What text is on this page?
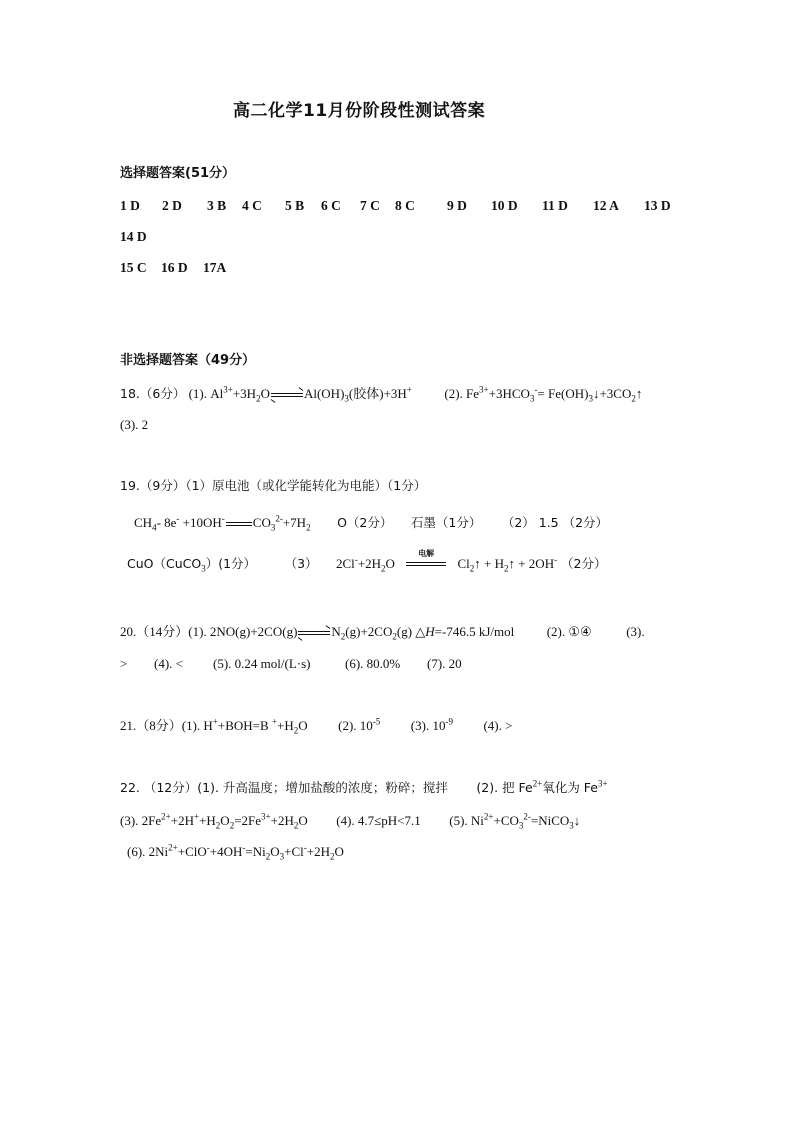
高二化学11月份阶段性测试答案
选择题答案(51分）
1 D 2 D 3 B 4 C 5 B 6 C 7 C 8 C 9 D 10 D 11 D 12 A 13 D
14 D
15 C 16 D 17A
非选择题答案（49分）
18.（6分） (1). $Al^{3+}+3H_2O\rightleftharpoons Al(OH)_3$(胶体)+3H+	(2). $Fe^{3+}+3HCO_3^-=$ $Fe(OH)_3↓+3CO_2↑$
(3). 2
19.（9分）（1）原电池（或化学能转化为电能）（1分）
$CH_4-$ 8e- +10OH- $CO_3^{2-}+7H_2$ O（2分） 石墨（1分） （2） 1.5 （2分）
CuO（CuCO$_3$）(1分） （3） $2Cl^-+2H_2O$
电解
$Cl_2↑$ + $H_2↑ + 2OH^-$ （2分）
20.（14分）(1). $2NO(g)+2CO(g)\rightleftharpoons N_2(g)+2CO_2(g)$ △H=-746.5 kJ/mol	(2). ①④	(3).
> (4). < (5). 0.24 mol/(L·s)	(6). 80.0% (7). 20
21.（8分）(1). H++BOH=B $^++H_2O$ (2). $10^{-5}$ (3). $10^{-9}$ (4). >
22. （12分）(1). 升高温度；增加盐酸的浓度；粉碎；搅拌 (2). 把 $Fe^{2+}$氧化为 $Fe^{3+}$
(3). $2Fe^{2+}+2H^++H_2O_2=2Fe^{3+}+2H_2O$ (4). 4.7≤pH<7.1 (5). $Ni^{2+}+CO_3^{2-}=NiCO_3↓$
(6). $2Ni^{2+}+ClO^-+4OH^-=Ni_2O_3+Cl^-+2H_2O$
